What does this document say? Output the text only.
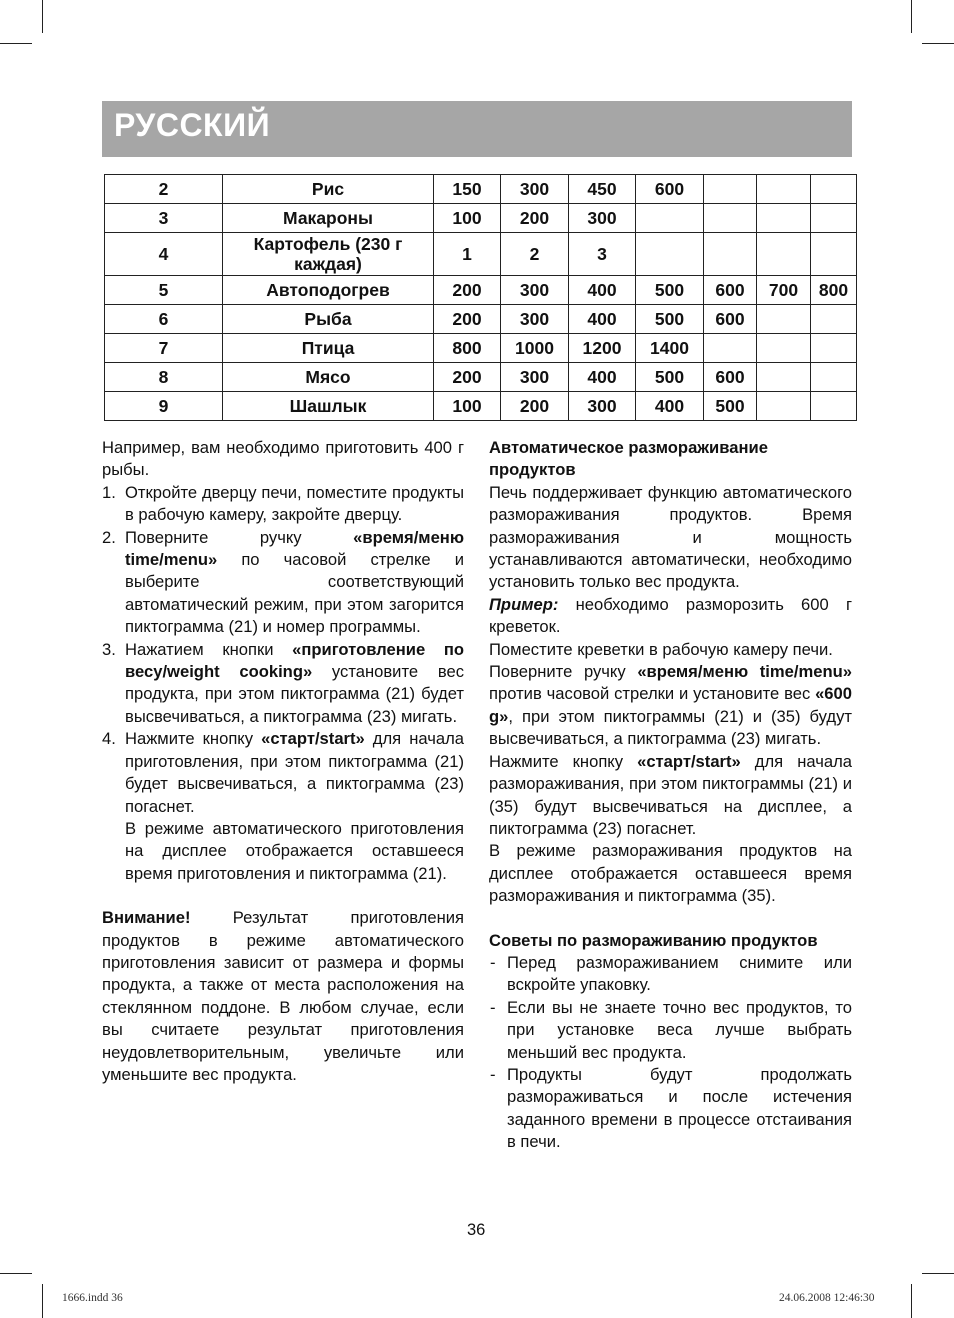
РУССКИЙ
2	Рис	150	300	450	600			
3	Макароны	100	200	300				
4	Картофель (230 г каждая)	1	2	3				
5	Автоподогрев	200	300	400	500	600	700	800
6	Рыба	200	300	400	500	600		
7	Птица	800	1000	1200	1400			
8	Мясо	200	300	400	500	600		
9	Шашлык	100	200	300	400	500		

Например, вам необходимо приготовить 400 г рыбы.

1. Откройте дверцу печи, поместите продукты в рабочую камеру, закройте дверцу.
2. Поверните ручку «время/меню time/menu» по часовой стрелке и выберите соответствующий автоматический режим, при этом загорится пиктограмма (21) и номер программы.
3. Нажатием кнопки «приготовление по весу/weight cooking» установите вес продукта, при этом пиктограмма (21) будет высвечиваться, а пиктограмма (23) мигать.
4. Нажмите кнопку «старт/start» для начала приготовления, при этом пиктограмма (21) будет высвечиваться, а пиктограмма (23) погаснет.

В режиме автоматического приготовления на дисплее отображается оставшееся время приготовления и пиктограмма (21).

Внимание! Результат приготовления продуктов в режиме автоматического приготовления зависит от размера и формы продукта, а также от места расположения на стеклянном поддоне. В любом случае, если вы считаете результат приготовления неудовлетворительным, увеличьте или уменьшите вес продукта.

Автоматическое размораживание продуктов

Печь поддерживает функцию автоматического размораживания продуктов. Время размораживания и мощность устанавливаются автоматически, необходимо установить только вес продукта.

Пример: необходимо разморозить 600 г креветок.

Поместите креветки в рабочую камеру печи.

Поверните ручку «время/меню time/menu» против часовой стрелки и установите вес «600 g», при этом пиктограммы (21) и (35) будут высвечиваться, а пиктограмма (23) мигать.

Нажмите кнопку «старт/start» для начала размораживания, при этом пиктограммы (21) и (35) будут высвечиваться на дисплее, а пиктограмма (23) погаснет.

В режиме размораживания продуктов на дисплее отображается оставшееся время размораживания и пиктограмма (35).

Советы по размораживанию продуктов

- Перед размораживанием снимите или вскройте упаковку.
- Если вы не знаете точно вес продуктов, то при установке веса лучше выбрать меньший вес продукта.
- Продукты будут продолжать размораживаться и после истечения заданного времени в процессе отстаивания в печи.
36
1666.indd 36	24.06.2008 12:46:30
